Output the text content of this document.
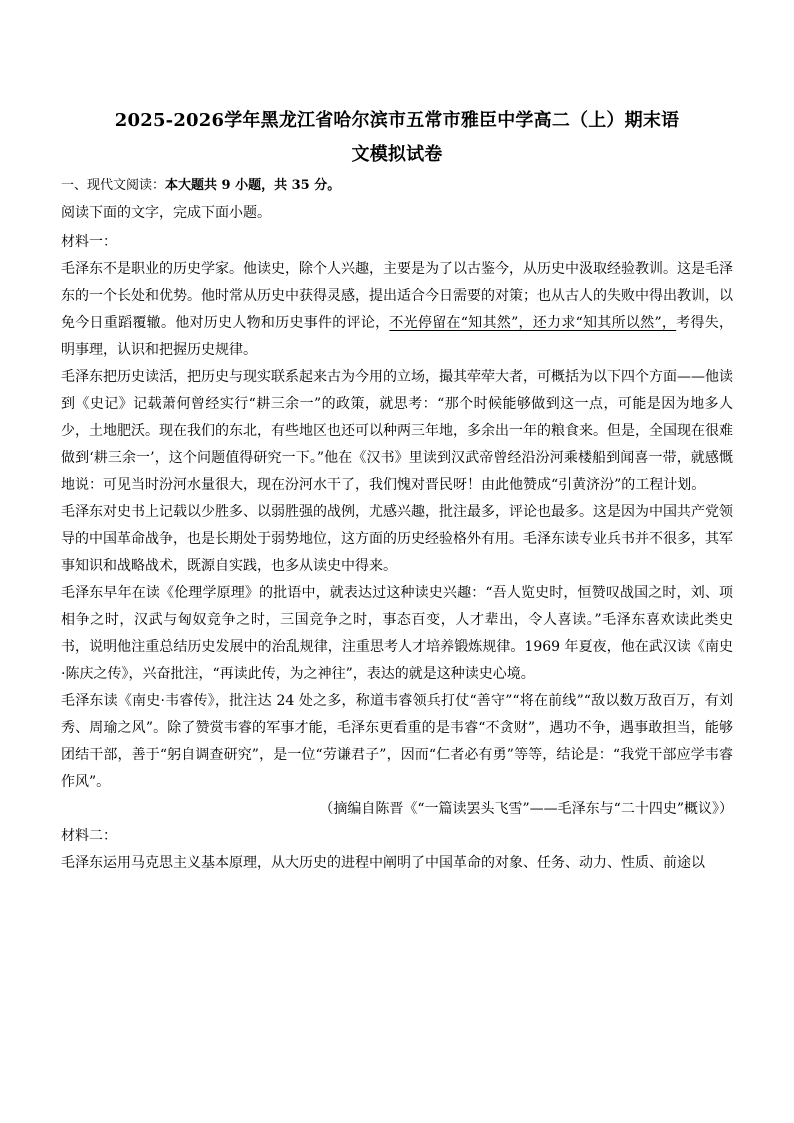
2025-2026学年黑龙江省哈尔滨市五常市雅臣中学高二（上）期末语
文模拟试卷
一、现代文阅读：本大题共 9 小题，共 35 分。

阅读下面的文字，完成下面小题。

材料一：

毛泽东不是职业的历史学家。他读史，除个人兴趣，主要是为了以古鉴今，从历史中汲取经验教训。这是毛泽东的一个长处和优势。他时常从历史中获得灵感，提出适合今日需要的对策；也从古人的失败中得出教训，以免今日重蹈覆辙。他对历史人物和历史事件的评论，不光停留在“知其然”，还力求“知其所以然”，考得失，明事理，认识和把握历史规律。

毛泽东把历史读活，把历史与现实联系起来古为今用的立场，撮其荦荦大者，可概括为以下四个方面——他读到《史记》记载萧何曾经实行“耕三余一”的政策，就思考：“那个时候能够做到这一点，可能是因为地多人少，土地肥沃。现在我们的东北，有些地区也还可以种两三年地，多余出一年的粮食来。但是，全国现在很难做到‘耕三余一’，这个问题值得研究一下。”他在《汉书》里读到汉武帝曾经沿汾河乘楼船到闻喜一带，就感慨地说：可见当时汾河水量很大，现在汾河水干了，我们愧对晋民呀！由此他赞成“引黄济汾”的工程计划。

毛泽东对史书上记载以少胜多、以弱胜强的战例，尤感兴趣，批注最多，评论也最多。这是因为中国共产党领导的中国革命战争，也是长期处于弱势地位，这方面的历史经验格外有用。毛泽东读专业兵书并不很多，其军事知识和战略战术，既源自实践，也多从读史中得来。

毛泽东早年在读《伦理学原理》的批语中，就表达过这种读史兴趣：“吾人览史时，恒赞叹战国之时，刘、项相争之时，汉武与匈奴竞争之时，三国竞争之时，事态百变，人才辈出，令人喜读。”毛泽东喜欢读此类史书，说明他注重总结历史发展中的治乱规律，注重思考人才培养锻炼规律。1969 年夏夜，他在武汉读《南史·陈庆之传》，兴奋批注，“再读此传，为之神往”，表达的就是这种读史心境。

毛泽东读《南史·韦睿传》，批注达 24 处之多，称道韦睿领兵打仗“善守”“将在前线”“敌以数万敌百万，有刘秀、周瑜之风”。除了赞赏韦睿的军事才能，毛泽东更看重的是韦睿“不贪财”，遇功不争，遇事敢担当，能够团结干部，善于“躬自调查研究”，是一位“劳谦君子”，因而“仁者必有勇”等等，结论是：“我党干部应学韦睿作风”。

（摘编自陈晋《“一篇读罢头飞雪”——毛泽东与“二十四史”概议》）

材料二：

毛泽东运用马克思主义基本原理，从大历史的进程中阐明了中国革命的对象、任务、动力、性质、前途以
